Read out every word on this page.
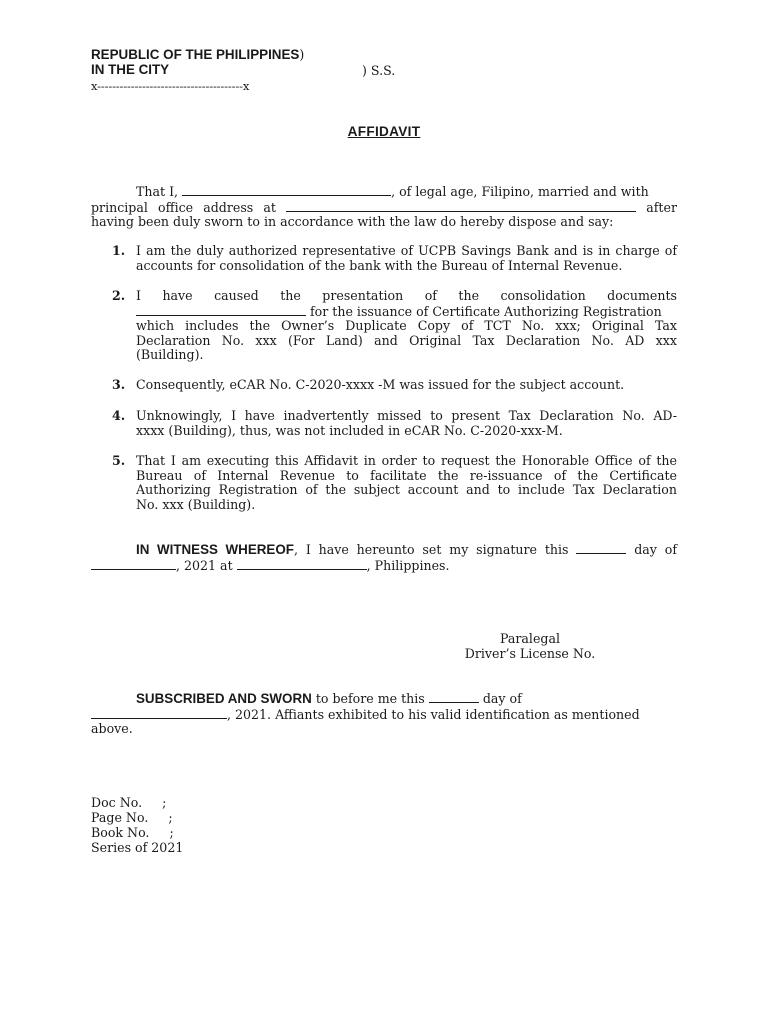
REPUBLIC OF THE PHILIPPINES)
IN THE CITY	) S.S.
x---------------------------------------x
AFFIDAVIT
That I,	, of legal age, Filipino, married and with
principal office address at	after
having been duly sworn to in accordance with the law do hereby dispose and say:
1. I am the duly authorized representative of UCPB Savings Bank and is in charge of
accounts for consolidation of the bank with the Bureau of Internal Revenue.
2. I have caused the presentation of the consolidation documents
for the issuance of Certificate Authorizing Registration
which includes the Owner’s Duplicate Copy of TCT No. xxx; Original Tax
Declaration No. xxx (For Land) and Original Tax Declaration No. AD xxx
(Building).
3. Consequently, eCAR No. C-2020-xxxx -M was issued for the subject account.
4. Unknowingly, I have inadvertently missed to present Tax Declaration No. AD-
xxxx (Building), thus, was not included in eCAR No. C-2020-xxx-M.
5. That I am executing this Affidavit in order to request the Honorable Office of the
Bureau of Internal Revenue to facilitate the re-issuance of the Certificate
Authorizing Registration of the subject account and to include Tax Declaration
No. xxx (Building).
IN WITNESS WHEREOF, I have hereunto set my signature this	day of
, 2021 at	, Philippines.
Paralegal
Driver’s License No.
SUBSCRIBED AND SWORN to before me this	day of
, 2021. Affiants exhibited to his valid identification as mentioned
above.
Doc No.     ;
Page No.     ;
Book No.     ;
Series of 2021
